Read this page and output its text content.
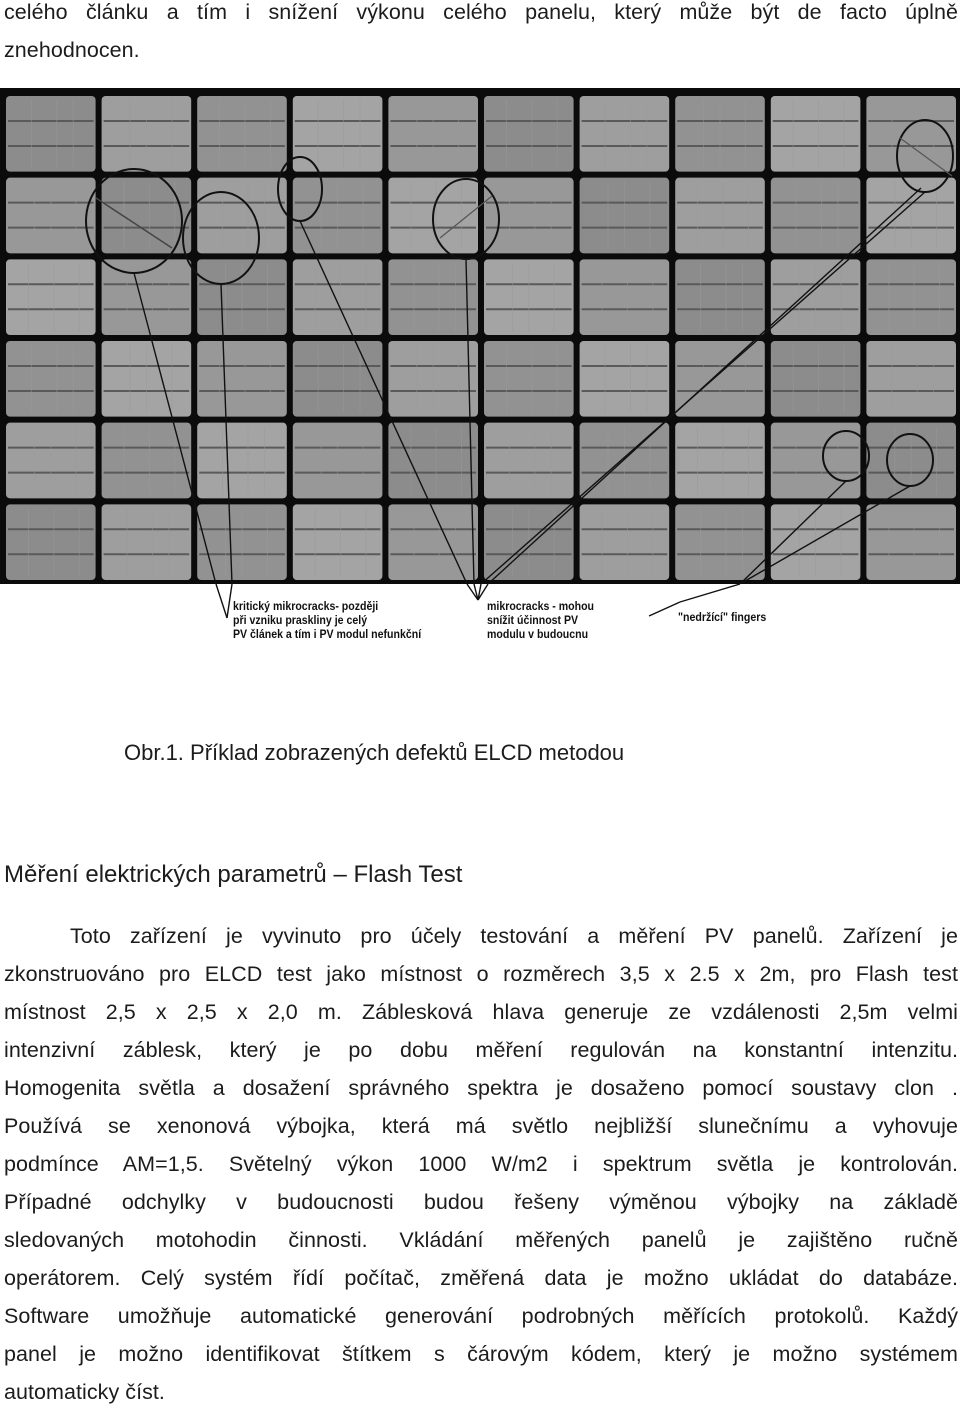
celého článku a tím i snížení výkonu celého panelu, který může být de facto úplně
znehodnocen.
kritický mikrocracks- později
při vzniku praskliny je celý
PV článek a tím i PV modul nefunkční
mikrocracks - mohou
snížit účinnost PV
modulu v budoucnu
"nedržící" fingers
Obr.1. Příklad zobrazených defektů ELCD metodou
Měření elektrických parametrů – Flash Test
Toto zařízení je vyvinuto pro účely testování a měření PV panelů. Zařízení je
zkonstruováno pro ELCD test jako místnost o rozměrech 3,5 x 2.5 x 2m, pro Flash test
místnost 2,5 x 2,5 x 2,0 m. Záblesková hlava generuje ze vzdálenosti 2,5m velmi
intenzivní záblesk, který je po dobu měření regulován na konstantní intenzitu.
Homogenita světla a dosažení správného spektra je dosaženo pomocí soustavy clon .
Používá se xenonová výbojka, která má světlo nejbližší slunečnímu a vyhovuje
podmínce AM=1,5. Světelný výkon 1000 W/m2 i spektrum světla je kontrolován.
Případné odchylky v budoucnosti budou řešeny výměnou výbojky na základě
sledovaných motohodin činnosti. Vkládání měřených panelů je zajištěno ručně
operátorem. Celý systém řídí počítač, změřená data je možno ukládat do databáze.
Software umožňuje automatické generování podrobných měřících protokolů. Každý
panel je možno identifikovat štítkem s čárovým kódem, který je možno systémem
automaticky číst.
